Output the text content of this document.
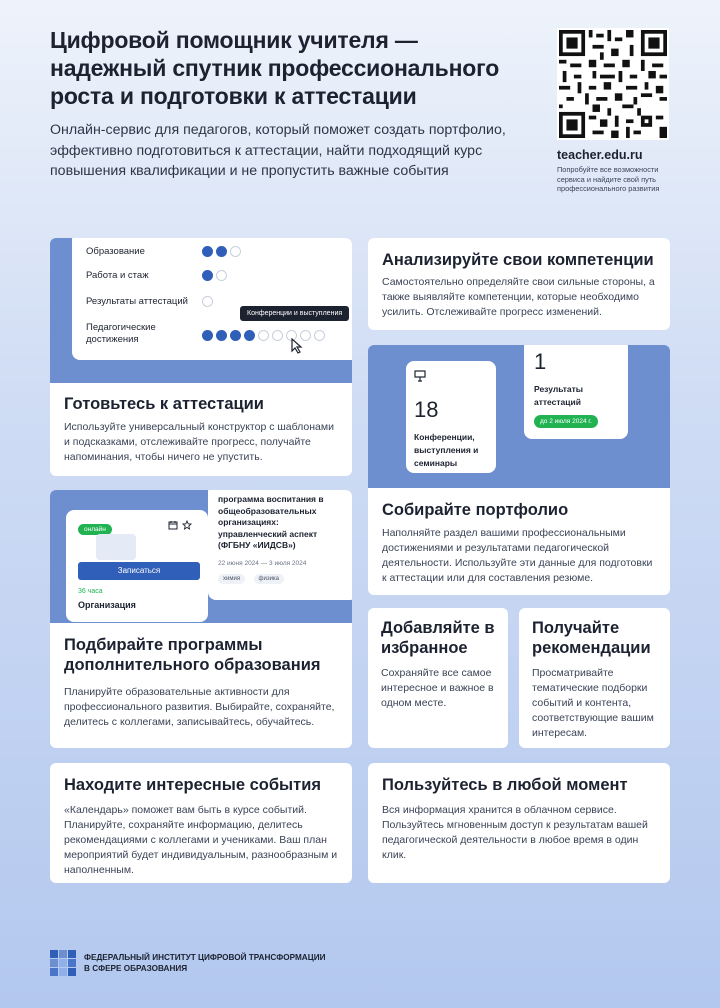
Цифровой помощник учителя — надежный спутник профессионального роста и подготовки к аттестации
Онлайн-сервис для педагогов, который поможет создать портфолио, эффективно подготовиться к аттестации, найти подходящий курс повышения квалификации и не пропустить важные события
teacher.edu.ru
Попробуйте все возможности сервиса и найдите свой путь профессионального развития
Образование
Работа и стаж
Результаты аттестаций
Педагогические достижения
Конференции и выступления
Готовьтесь к аттестации

Используйте универсальный конструктор с шаблонами и подсказками, отслеживайте прогресс, получайте напоминания, чтобы ничего не упустить.

Анализируйте свои компетенции

Самостоятельно определяйте свои сильные стороны, а также выявляйте компетенции, которые необходимо усилить. Отслеживайте прогресс изменений.

18
Конференции, выступления и семинары
1
Результаты аттестаций
до 2 июля 2024 г.
Собирайте портфолио

Наполняйте раздел вашими профессиональными достижениями и результатами педагогической деятельности. Используйте эти данные для подготовки к аттестации или для составления резюме.

онлайн
Записаться
36 часа
Организация
программа воспитания в общеобразовательных организациях: управленческий аспект (ФГБНУ «ИИДСВ»)
22 июня 2024 — 3 июля 2024
химия	физика
Подбирайте программы дополнительного образования

Планируйте образовательные активности для профессионального развития. Выбирайте, сохраняйте, делитесь с коллегами, записывайтесь, обучайтесь.

Добавляйте в избранное

Сохраняйте все самое интересное и важное в одном месте.

Получайте рекомендации

Просматривайте тематические подборки событий и контента, соответствующие вашим интересам.

Находите интересные события

«Календарь» поможет вам быть в курсе событий. Планируйте, сохраняйте информацию, делитесь рекомендациями с коллегами и учениками. Ваш план мероприятий будет индивидуальным, разнообразным и наполненным.

Пользуйтесь в любой момент

Вся информация хранится в облачном сервисе. Пользуйтесь мгновенным доступ к результатам вашей педагогической деятельности в любое время в один клик.

ФЕДЕРАЛЬНЫЙ ИНСТИТУТ ЦИФРОВОЙ ТРАНСФОРМАЦИИ
В СФЕРЕ ОБРАЗОВАНИЯ
